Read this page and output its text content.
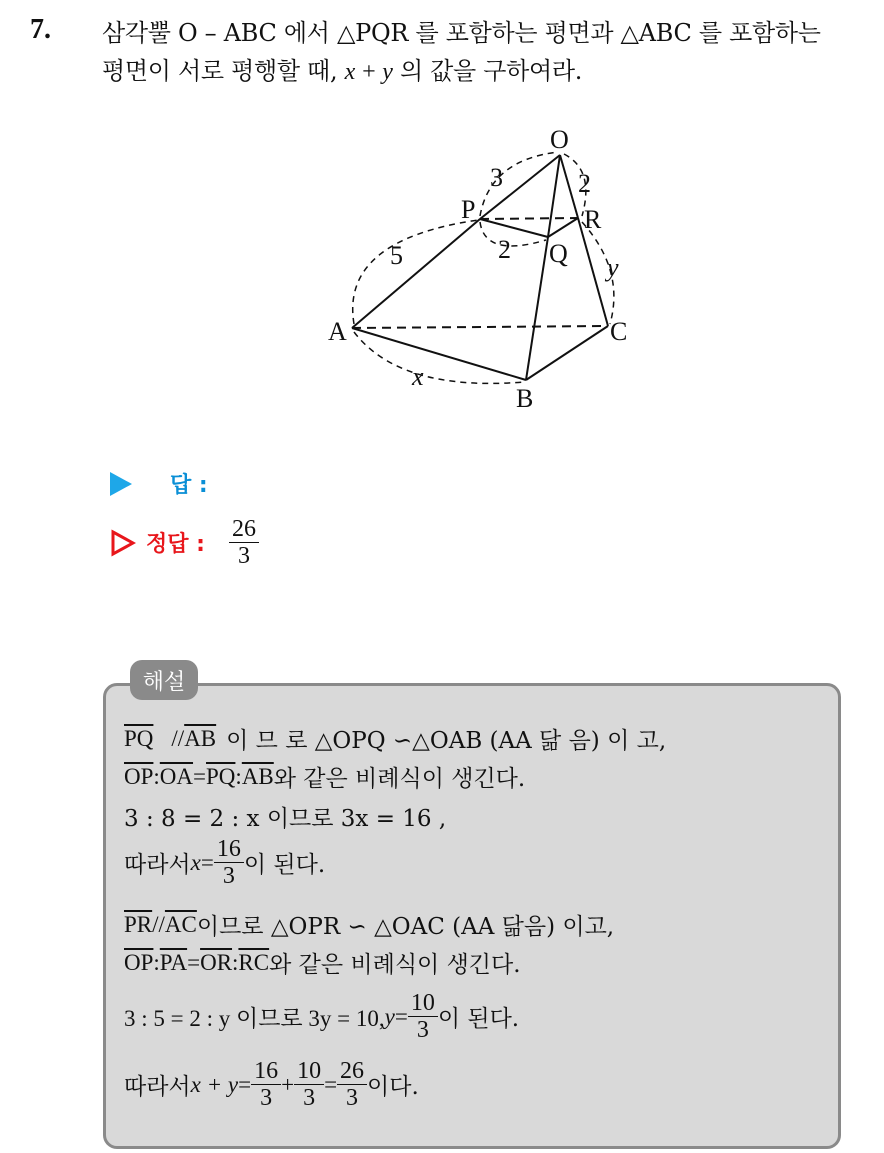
7. 삼각뿔 O – ABC 에서 △PQR 를 포함하는 평면과 △ABC 를 포함하는
평면이 서로 평행할 때, x + y 의 값을 구하여라.
O
P
Q
R
A
B
C
3	2
2
5	y
x
답 :
정답 : $\frac{26}{3}$
해설
$\overline{PQ} // \overline{AB}$ 이 므 로 △OPQ ∽△OAB (AA 닮 음) 이 고,
$\overline{OP}$ : $\overline{OA} = \overline{PQ}$ : $\overline{AB}$ 와 같은 비례식이 생긴다.
3 : 8 = 2 : x 이므로 3x = 16 ,
따라서 $x = \frac{16}{3}$ 이 된다.
$\overline{PR} // \overline{AC}$ 이므로 △OPR ∽ △OAC (AA 닮음) 이고,
$\overline{OP}$ : $\overline{PA} = \overline{OR}$ : $\overline{RC}$ 와 같은 비례식이 생긴다.
3 : 5 = 2 : y 이므로 3y = 10, $y = \frac{10}{3}$ 이 된다.
따라서 $x + y = \frac{16}{3} + \frac{10}{3} = \frac{26}{3}$ 이다.
